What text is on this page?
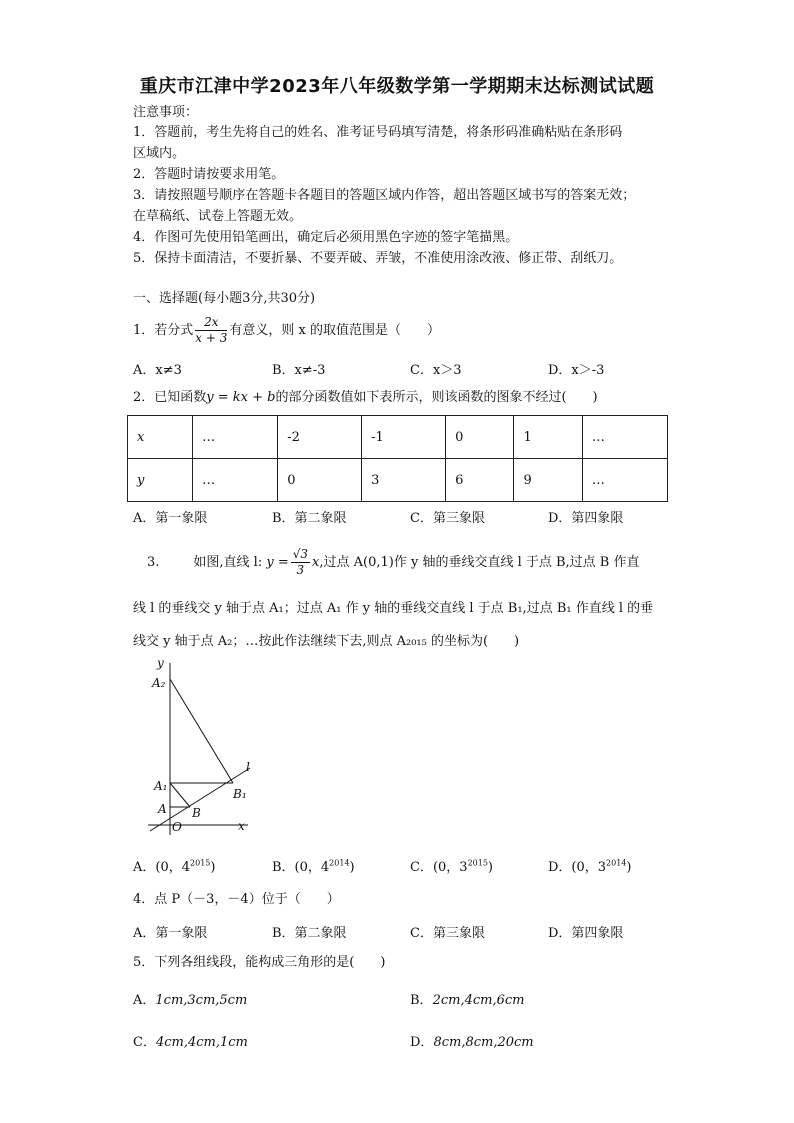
重庆市江津中学2023年八年级数学第一学期期末达标测试试题
注意事项：
1．答题前，考生先将自己的姓名、准考证号码填写清楚，将条形码准确粘贴在条形码
区域内。
2．答题时请按要求用笔。
3．请按照题号顺序在答题卡各题目的答题区域内作答，超出答题区域书写的答案无效；
在草稿纸、试卷上答题无效。
4．作图可先使用铅笔画出，确定后必须用黑色字迹的签字笔描黑。
5．保持卡面清洁，不要折暴、不要弄破、弄皱，不准使用涂改液、修正带、刮纸刀。
一、选择题(每小题3分,共30分)
1．若分式 $\frac{2x}{x + 3}$ 有意义，则 x 的取值范围是（　　）
A．x≠3	B．x≠-3	C．x＞3	D．x＞-3
2．已知函数y = kx + b的部分函数值如下表所示，则该函数的图象不经过(　　)
x	…	-2	-1	0	1	…
y	…	0	3	6	9	…
A．第一象限	B．第二象限	C．第三象限	D．第四象限
3.	如图,直线 l: $y = \frac{√3}{3} x$,过点 A(0,1)作 y 轴的垂线交直线 l 于点 B,过点 B 作直
线 l 的垂线交 y 轴于点 A₁；过点 A₁ 作 y 轴的垂线交直线 l 于点 B₁,过点 B₁ 作直线 l 的垂
线交 y 轴于点 A₂；…按此作法继续下去,则点 A₂₀₁₅ 的坐标为(　　)
y
A₂
A₁
A
O
B
B₁
x
l
A．(0，$4^{2015}$)	B．(0，$4^{2014}$)	C．(0，$3^{2015}$)	D．(0，$3^{2014}$)
4．点 P（－3，－4）位于（　　）
A．第一象限	B．第二象限	C．第三象限	D．第四象限
5．下列各组线段，能构成三角形的是(　　)
A．1cm,3cm,5cm	B．2cm,4cm,6cm
C．4cm,4cm,1cm	D．8cm,8cm,20cm
